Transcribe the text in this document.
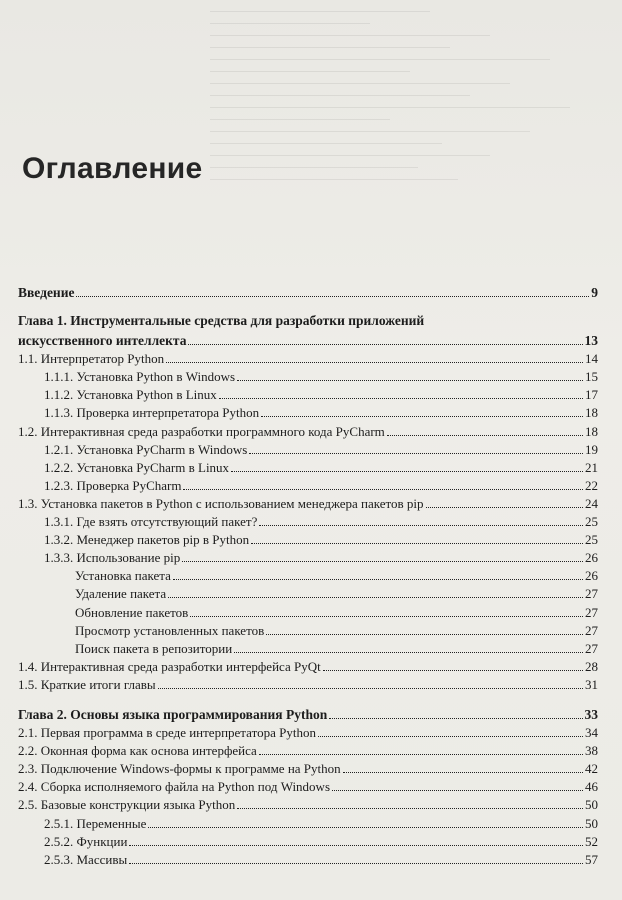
Оглавление
Введение	9
Глава 1. Инструментальные средства для разработки приложений
искусственного интеллекта	13
1.1. Интерпретатор Python	14
1.1.1. Установка Python в Windows	15
1.1.2. Установка Python в Linux	17
1.1.3. Проверка интерпретатора Python	18
1.2. Интерактивная среда разработки программного кода PyCharm	18
1.2.1. Установка PyCharm в Windows	19
1.2.2. Установка PyCharm в Linux	21
1.2.3. Проверка PyCharm	22
1.3. Установка пакетов в Python с использованием менеджера пакетов pip	24
1.3.1. Где взять отсутствующий пакет?	25
1.3.2. Менеджер пакетов pip в Python	25
1.3.3. Использование pip	26
Установка пакета	26
Удаление пакета	27
Обновление пакетов	27
Просмотр установленных пакетов	27
Поиск пакета в репозитории	27
1.4. Интерактивная среда разработки интерфейса PyQt	28
1.5. Краткие итоги главы	31
Глава 2. Основы языка программирования Python	33
2.1. Первая программа в среде интерпретатора Python	34
2.2. Оконная форма как основа интерфейса	38
2.3. Подключение Windows-формы к программе на Python	42
2.4. Сборка исполняемого файла на Python под Windows	46
2.5. Базовые конструкции языка Python	50
2.5.1. Переменные	50
2.5.2. Функции	52
2.5.3. Массивы	57
